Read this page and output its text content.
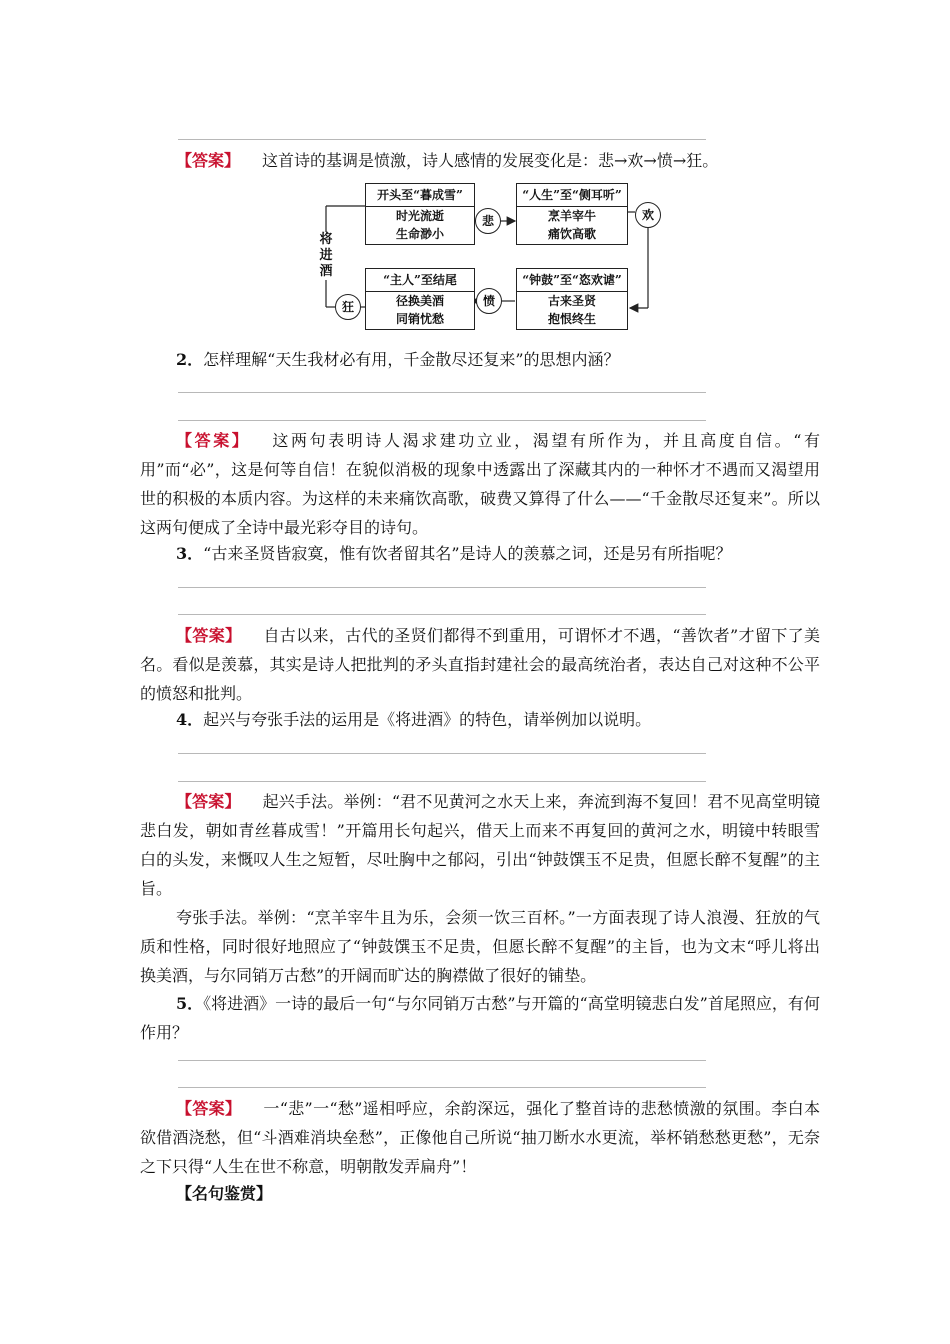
【答案】 这首诗的基调是愤激，诗人感情的发展变化是：悲→欢→愤→狂。

将
进
酒
开头至“暮成雪”
时光流逝
生命渺小
悲
“人生”至“侧耳听”
烹羊宰牛
痛饮高歌
欢
“钟鼓”至“恣欢谑”
古来圣贤
抱恨终生
愤
“主人”至结尾
径换美酒
同销忧愁
狂

2．怎样理解“天生我材必有用，千金散尽还复来”的思想内涵？

【答案】 这两句表明诗人渴求建功立业，渴望有所作为，并且高度自信。“有用”而“必”，这是何等自信！在貌似消极的现象中透露出了深藏其内的一种怀才不遇而又渴望用世的积极的本质内容。为这样的未来痛饮高歌，破费又算得了什么——“千金散尽还复来”。所以这两句便成了全诗中最光彩夺目的诗句。

3．“古来圣贤皆寂寞，惟有饮者留其名”是诗人的羡慕之词，还是另有所指呢？

【答案】 自古以来，古代的圣贤们都得不到重用，可谓怀才不遇，“善饮者”才留下了美名。看似是羡慕，其实是诗人把批判的矛头直指封建社会的最高统治者，表达自己对这种不公平的愤怒和批判。

4．起兴与夸张手法的运用是《将进酒》的特色，请举例加以说明。

【答案】 起兴手法。举例：“君不见黄河之水天上来，奔流到海不复回！君不见高堂明镜悲白发，朝如青丝暮成雪！”开篇用长句起兴，借天上而来不再复回的黄河之水，明镜中转眼雪白的头发，来慨叹人生之短暂，尽吐胸中之郁闷，引出“钟鼓馔玉不足贵，但愿长醉不复醒”的主旨。

夸张手法。举例：“烹羊宰牛且为乐，会须一饮三百杯。”一方面表现了诗人浪漫、狂放的气质和性格，同时很好地照应了“钟鼓馔玉不足贵，但愿长醉不复醒”的主旨，也为文末“呼儿将出换美酒，与尔同销万古愁”的开阔而旷达的胸襟做了很好的铺垫。

5．《将进酒》一诗的最后一句“与尔同销万古愁”与开篇的“高堂明镜悲白发”首尾照应，有何作用？

【答案】 一“悲”一“愁”遥相呼应，余韵深远，强化了整首诗的悲愁愤激的氛围。李白本欲借酒浇愁，但“斗酒难消块垒愁”，正像他自己所说“抽刀断水水更流，举杯销愁愁更愁”，无奈之下只得“人生在世不称意，明朝散发弄扁舟”！

【名句鉴赏】
